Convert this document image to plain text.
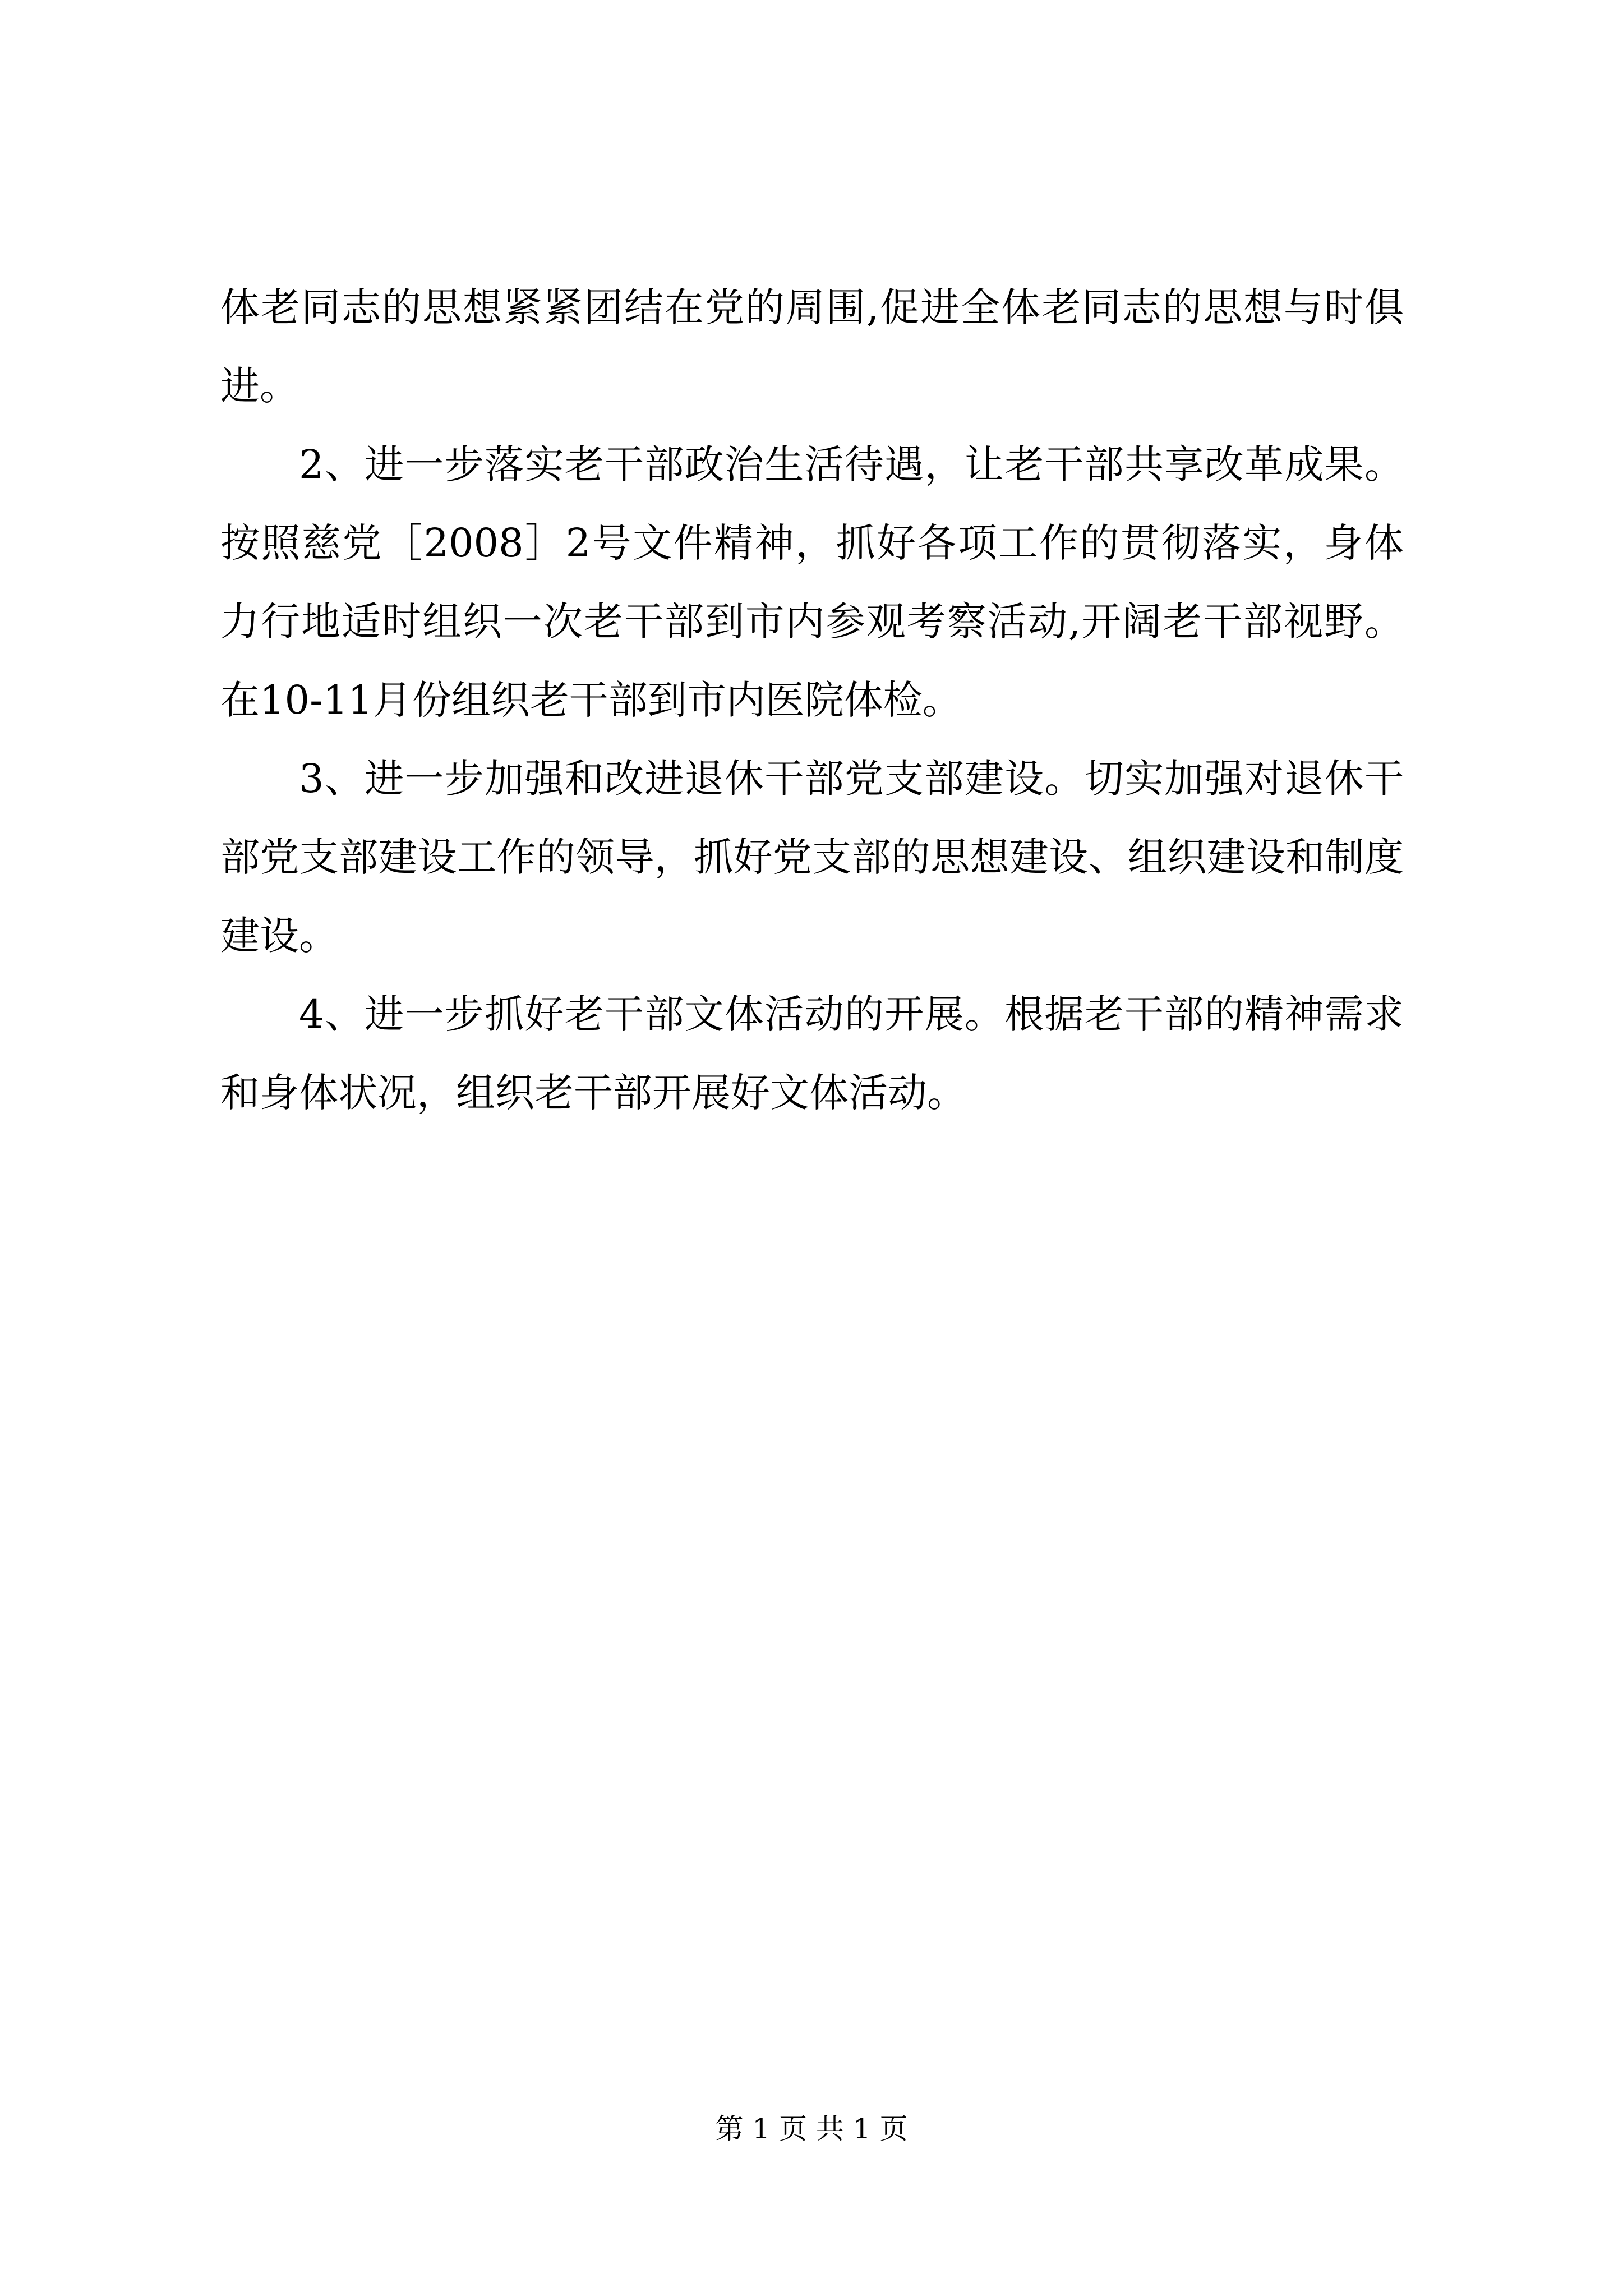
体老同志的思想紧紧团结在党的周围,促进全体老同志的思想与时俱进。

2、进一步落实老干部政治生活待遇，让老干部共享改革成果。按照慈党［2008］2号文件精神，抓好各项工作的贯彻落实，身体力行地适时组织一次老干部到市内参观考察活动,开阔老干部视野。在10-11月份组织老干部到市内医院体检。

3、进一步加强和改进退休干部党支部建设。切实加强对退休干部党支部建设工作的领导，抓好党支部的思想建设、组织建设和制度建设。

4、进一步抓好老干部文体活动的开展。根据老干部的精神需求和身体状况，组织老干部开展好文体活动。

第 1 页 共 1 页
